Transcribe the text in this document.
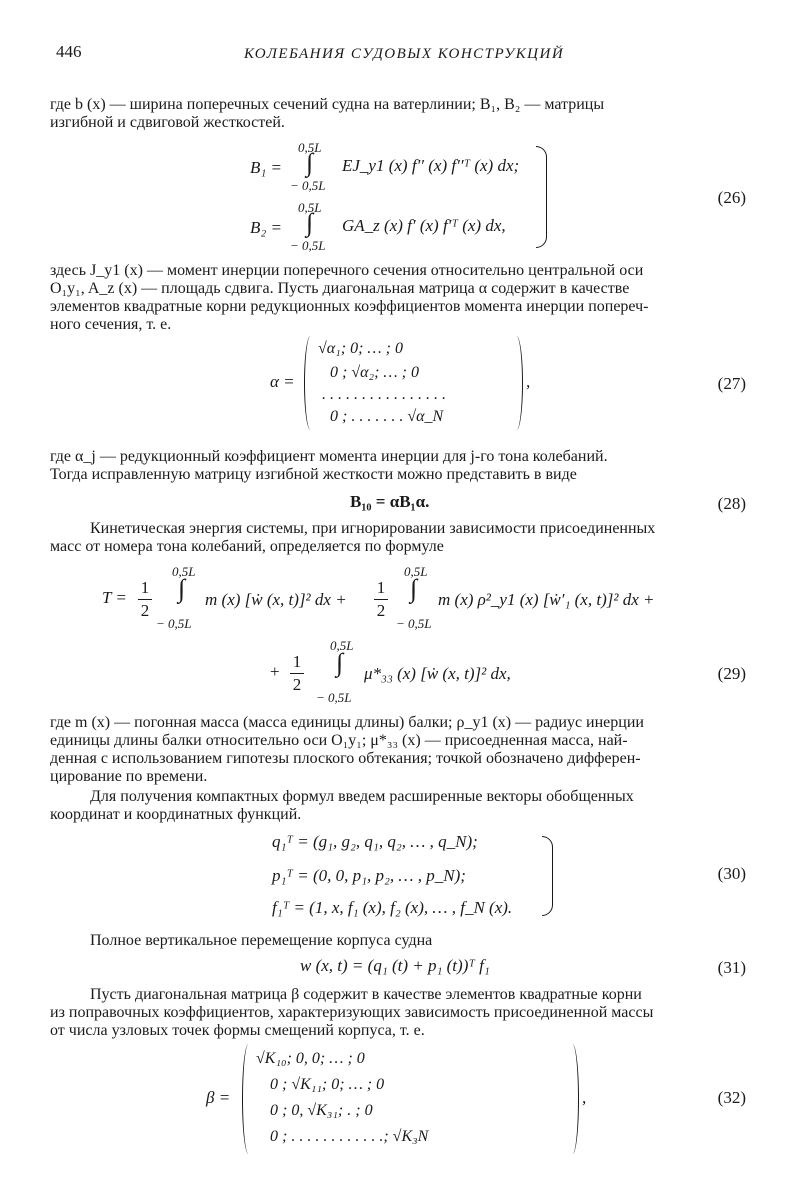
446	КОЛЕБАНИЯ СУДОВЫХ КОНСТРУКЦИЙ
где b (x) — ширина поперечных сечений судна на ватерлинии; B₁, B₂ — матрицы
изгибной и сдвиговой жесткостей.
0,5L
∫
− 0,5L
B₁ =	EJ_y1 (x) f′′ (x) f′′ᵀ (x) dx;
0,5L
∫
− 0,5L
B₂ =	GA_z (x) f′ (x) f′ᵀ (x) dx,
(26)
здесь J_y1 (x) — момент инерции поперечного сечения относительно центральной оси
O₁y₁, A_z (x) — площадь сдвига. Пусть диагональная матрица α содержит в качестве
элементов квадратные корни редукционных коэффициентов момента инерции попереч-
ного сечения, т. е.
α =
√α₁; 0; … ; 0
0 ; √α₂; … ; 0
. . . . . . . . . . . . . . . .
0 ; . . . . . . . √α_N
,	(27)
где α_j — редукционный коэффициент момента инерции для j-го тона колебаний.
Тогда исправленную матрицу изгибной жесткости можно представить в виде
B₁₀ = αB₁α.	(28)
Кинетическая энергия системы, при игнорировании зависимости присоединенных
масс от номера тона колебаний, определяется по формуле
T =
1
2
0,5L
∫
− 0,5L
m (x) [ẇ (x, t)]² dx +
1
2
0,5L
∫
− 0,5L
m (x) ρ²_y1 (x) [ẇ′₁ (x, t)]² dx +
+
1
2
0,5L
∫
− 0,5L
μ*₃₃ (x) [ẇ (x, t)]² dx,	(29)
где m (x) — погонная масса (масса единицы длины) балки; ρ_y1 (x) — радиус инерции
единицы длины балки относительно оси O₁y₁; μ*₃₃ (x) — присоедненная масса, най-
денная с использованием гипотезы плоского обтекания; точкой обозначено дифферен-
цирование по времени.
Для получения компактных формул введем расширенные векторы обобщенных
координат и координатных функций.
q₁ᵀ = (g₁, g₂, q₁, q₂, … , q_N);
p₁ᵀ = (0, 0, p₁, p₂, … , p_N);
f₁ᵀ = (1, x, f₁ (x), f₂ (x), … , f_N (x).
(30)
Полное вертикальное перемещение корпуса судна
w (x, t) = (q₁ (t) + p₁ (t))ᵀ f₁	(31)
Пусть диагональная матрица β содержит в качестве элементов квадратные корни
из поправочных коэффициентов, характеризующих зависимость присоединенной массы
от числа узловых точек формы смещений корпуса, т. е.
β =
√K₁₀; 0, 0; … ; 0
0 ; √K₁₁; 0; … ; 0
0 ; 0, √K₃₁; . ; 0
0 ; . . . . . . . . . . . .; √K₃N
,	(32)
